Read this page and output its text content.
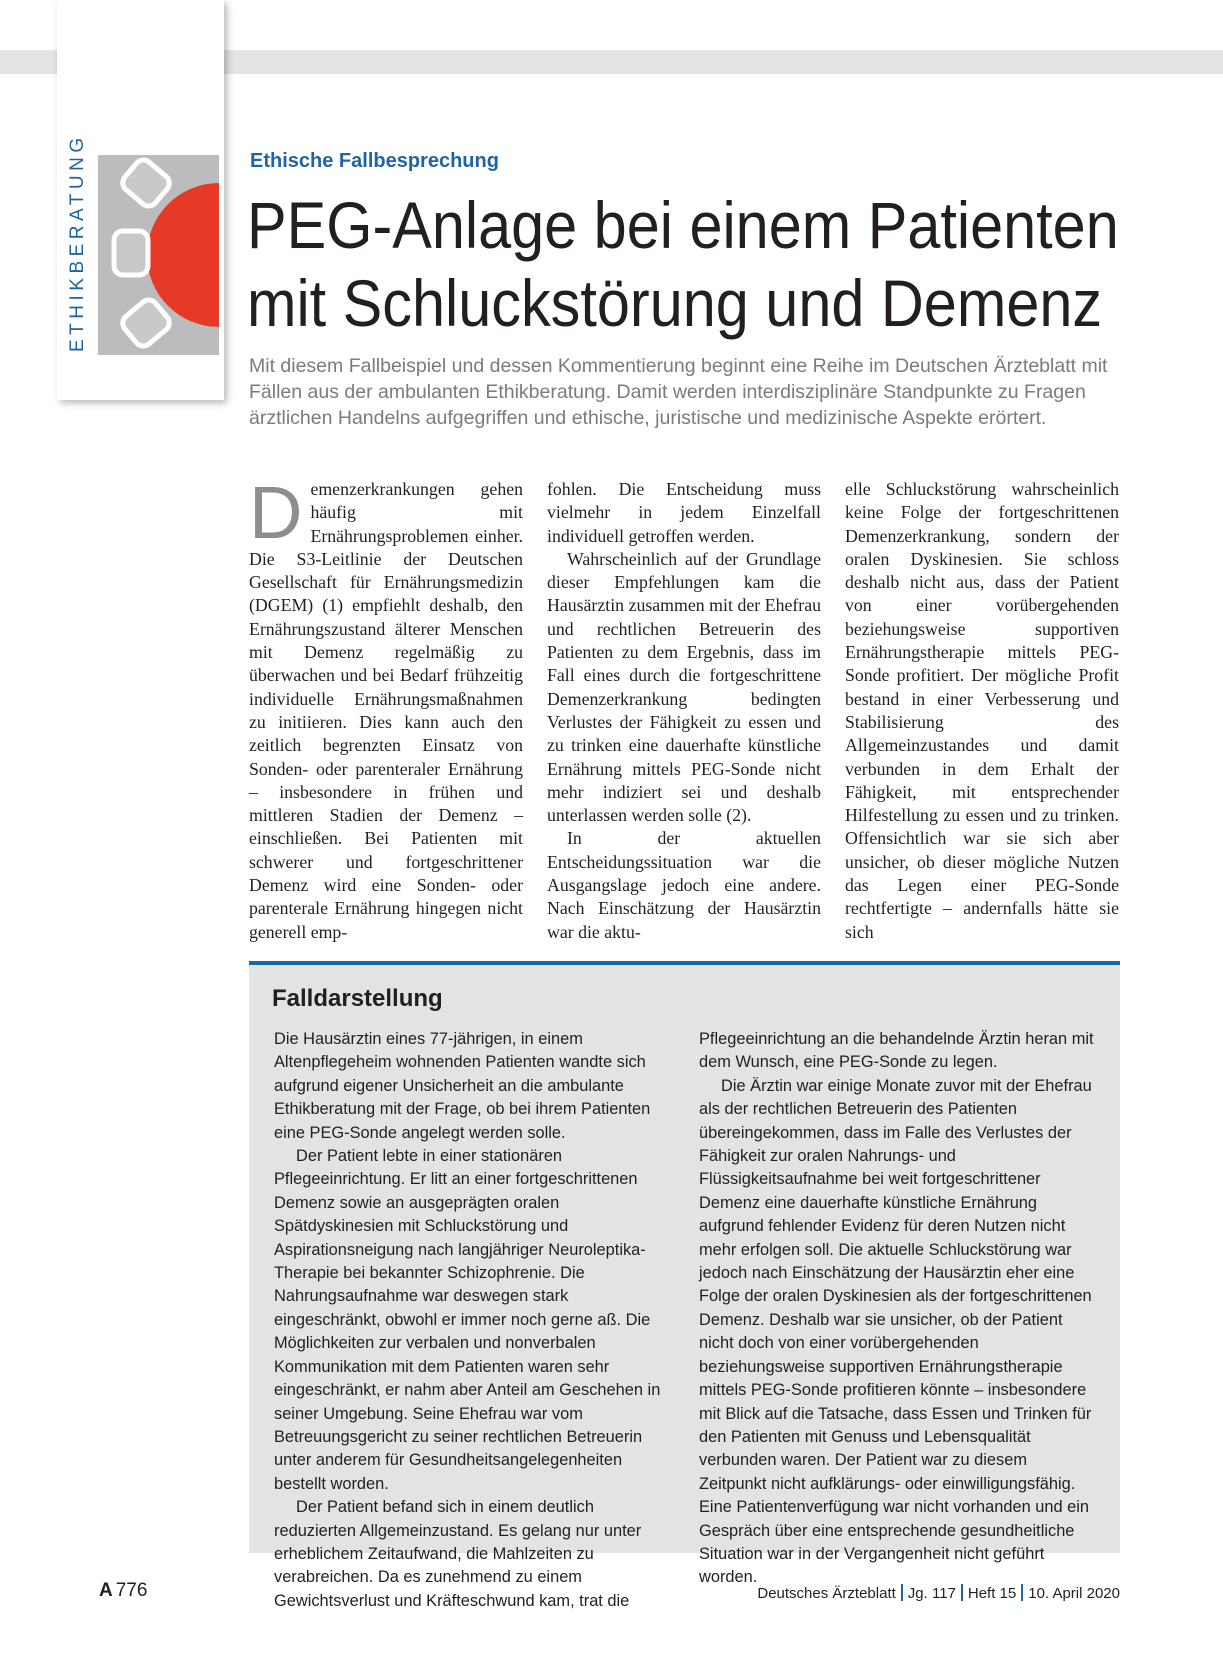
ETHIKBERATUNG	Ethische Fallbesprechung
PEG-Anlage bei einem Patienten
mit Schluckstörung und Demenz
Mit diesem Fallbeispiel und dessen Kommentierung beginnt eine Reihe im Deutschen Ärzteblatt mit Fällen aus der ambulanten Ethikberatung. Damit werden interdisziplinäre Standpunkte zu Fragen ärztlichen Handelns aufgegriffen und ethische, juristische und medizinische Aspekte erörtert.

Demenzerkrankungen gehen häufig mit Ernährungsproblemen einher. Die S3-Leitlinie der Deutschen Gesellschaft für Ernährungsmedizin (DGEM) (1) empfiehlt deshalb, den Ernährungszustand älterer Menschen mit Demenz regelmäßig zu überwachen und bei Bedarf frühzeitig individuelle Ernährungsmaßnahmen zu initiieren. Dies kann auch den zeitlich begrenzten Einsatz von Sonden- oder parenteraler Ernährung – insbesondere in frühen und mittleren Stadien der Demenz – einschließen. Bei Patienten mit schwerer und fortgeschrittener Demenz wird eine Sonden- oder parenterale Ernährung hingegen nicht generell emp-

fohlen. Die Entscheidung muss vielmehr in jedem Einzelfall individuell getroffen werden.

Wahrscheinlich auf der Grundlage dieser Empfehlungen kam die Hausärztin zusammen mit der Ehefrau und rechtlichen Betreuerin des Patienten zu dem Ergebnis, dass im Fall eines durch die fortgeschrittene Demenzerkrankung bedingten Verlustes der Fähigkeit zu essen und zu trinken eine dauerhafte künstliche Ernährung mittels PEG-Sonde nicht mehr indiziert sei und deshalb unterlassen werden solle (2).

In der aktuellen Entscheidungssituation war die Ausgangslage jedoch eine andere. Nach Einschätzung der Hausärztin war die aktu-

elle Schluckstörung wahrscheinlich keine Folge der fortgeschrittenen Demenzerkrankung, sondern der oralen Dyskinesien. Sie schloss deshalb nicht aus, dass der Patient von einer vorübergehenden beziehungsweise supportiven Ernährungstherapie mittels PEG-Sonde profitiert. Der mögliche Profit bestand in einer Verbesserung und Stabilisierung des Allgemeinzustandes und damit verbunden in dem Erhalt der Fähigkeit, mit entsprechender Hilfestellung zu essen und zu trinken. Offensichtlich war sie sich aber unsicher, ob dieser mögliche Nutzen das Legen einer PEG-Sonde rechtfertigte – andernfalls hätte sie sich

Falldarstellung

Die Hausärztin eines 77-jährigen, in einem Altenpflegeheim wohnenden Patienten wandte sich aufgrund eigener Unsicherheit an die ambulante Ethikberatung mit der Frage, ob bei ihrem Patienten eine PEG-Sonde angelegt werden solle.

Der Patient lebte in einer stationären Pflegeeinrichtung. Er litt an einer fortgeschrittenen Demenz sowie an ausgeprägten oralen Spätdyskinesien mit Schluckstörung und Aspirationsneigung nach langjähriger Neuroleptika-Therapie bei bekannter Schizophrenie. Die Nahrungsaufnahme war deswegen stark eingeschränkt, obwohl er immer noch gerne aß. Die Möglichkeiten zur verbalen und nonverbalen Kommunikation mit dem Patienten waren sehr eingeschränkt, er nahm aber Anteil am Geschehen in seiner Umgebung. Seine Ehefrau war vom Betreuungsgericht zu seiner rechtlichen Betreuerin unter anderem für Gesundheitsangelegenheiten bestellt worden.

Der Patient befand sich in einem deutlich reduzierten Allgemeinzustand. Es gelang nur unter erheblichem Zeitaufwand, die Mahlzeiten zu verabreichen. Da es zunehmend zu einem Gewichtsverlust und Kräfteschwund kam, trat die

Pflegeeinrichtung an die behandelnde Ärztin heran mit dem Wunsch, eine PEG-Sonde zu legen.

Die Ärztin war einige Monate zuvor mit der Ehefrau als der rechtlichen Betreuerin des Patienten übereingekommen, dass im Falle des Verlustes der Fähigkeit zur oralen Nahrungs- und Flüssigkeitsaufnahme bei weit fortgeschrittener Demenz eine dauerhafte künstliche Ernährung aufgrund fehlender Evidenz für deren Nutzen nicht mehr erfolgen soll. Die aktuelle Schluckstörung war jedoch nach Einschätzung der Hausärztin eher eine Folge der oralen Dyskinesien als der fortgeschrittenen Demenz. Deshalb war sie unsicher, ob der Patient nicht doch von einer vorübergehenden beziehungsweise supportiven Ernährungstherapie mittels PEG-Sonde profitieren könnte – insbesondere mit Blick auf die Tatsache, dass Essen und Trinken für den Patienten mit Genuss und Lebensqualität verbunden waren. Der Patient war zu diesem Zeitpunkt nicht aufklärungs- oder einwilligungsfähig. Eine Patientenverfügung war nicht vorhanden und ein Gespräch über eine entsprechende gesundheitliche Situation war in der Vergangenheit nicht geführt worden.

A 776	Deutsches Ärzteblatt Jg. 117 Heft 15 10. April 2020
